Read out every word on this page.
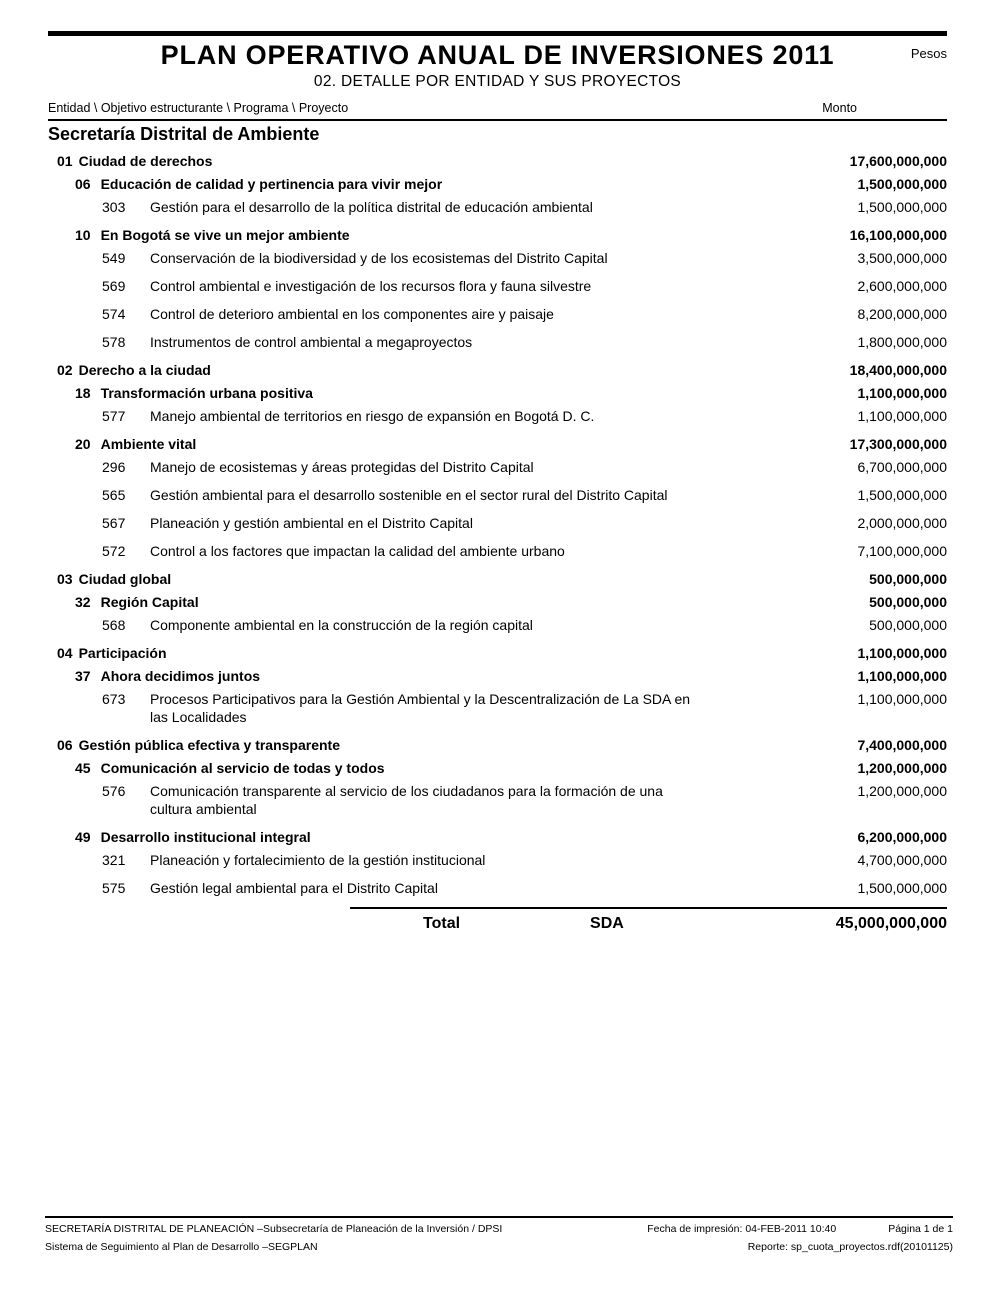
PLAN OPERATIVO ANUAL DE INVERSIONES 2011	Pesos
02. DETALLE POR ENTIDAD Y SUS PROYECTOS
Entidad \ Objetivo estructurante \ Programa \ Proyecto	Monto
Secretaría Distrital de Ambiente
01 Ciudad de derechos	17,600,000,000
06 Educación de calidad y pertinencia para vivir mejor	1,500,000,000
303 Gestión para el desarrollo de la política distrital de educación ambiental	1,500,000,000
10 En Bogotá se vive un mejor ambiente	16,100,000,000
549 Conservación de la biodiversidad y de los ecosistemas del Distrito Capital	3,500,000,000
569 Control ambiental e investigación de los recursos flora y fauna silvestre	2,600,000,000
574 Control de deterioro ambiental en los componentes aire y paisaje	8,200,000,000
578 Instrumentos de control ambiental a megaproyectos	1,800,000,000
02 Derecho a la ciudad	18,400,000,000
18 Transformación urbana positiva	1,100,000,000
577 Manejo ambiental de territorios en riesgo de expansión en Bogotá D. C.	1,100,000,000
20 Ambiente vital	17,300,000,000
296 Manejo de ecosistemas y áreas protegidas del Distrito Capital	6,700,000,000
565 Gestión ambiental para el desarrollo sostenible en el sector rural del Distrito Capital	1,500,000,000
567 Planeación y gestión ambiental en el Distrito Capital	2,000,000,000
572 Control a los factores que impactan la calidad del ambiente urbano	7,100,000,000
03 Ciudad global	500,000,000
32 Región Capital	500,000,000
568 Componente ambiental en la construcción de la región capital	500,000,000
04 Participación	1,100,000,000
37 Ahora decidimos juntos	1,100,000,000
673 Procesos Participativos para la Gestión Ambiental y la Descentralización de La SDA en las Localidades
1,100,000,000
06 Gestión pública efectiva y transparente	7,400,000,000
45 Comunicación al servicio de todas y todos	1,200,000,000
576 Comunicación transparente al servicio de los ciudadanos para la formación de una cultura ambiental
1,200,000,000
49 Desarrollo institucional integral	6,200,000,000
321 Planeación y fortalecimiento de la gestión institucional	4,700,000,000
575 Gestión legal ambiental para el Distrito Capital	1,500,000,000
Total	SDA	45,000,000,000
SECRETARÍA DISTRITAL DE PLANEACIÓN –Subsecretaría de Planeación de la Inversión / DPSI	Fecha de impresión: 04-FEB-2011 10:40	Página 1 de 1
Sistema de Seguimiento al Plan de Desarrollo –SEGPLAN	Reporte: sp_cuota_proyectos.rdf(20101125)
